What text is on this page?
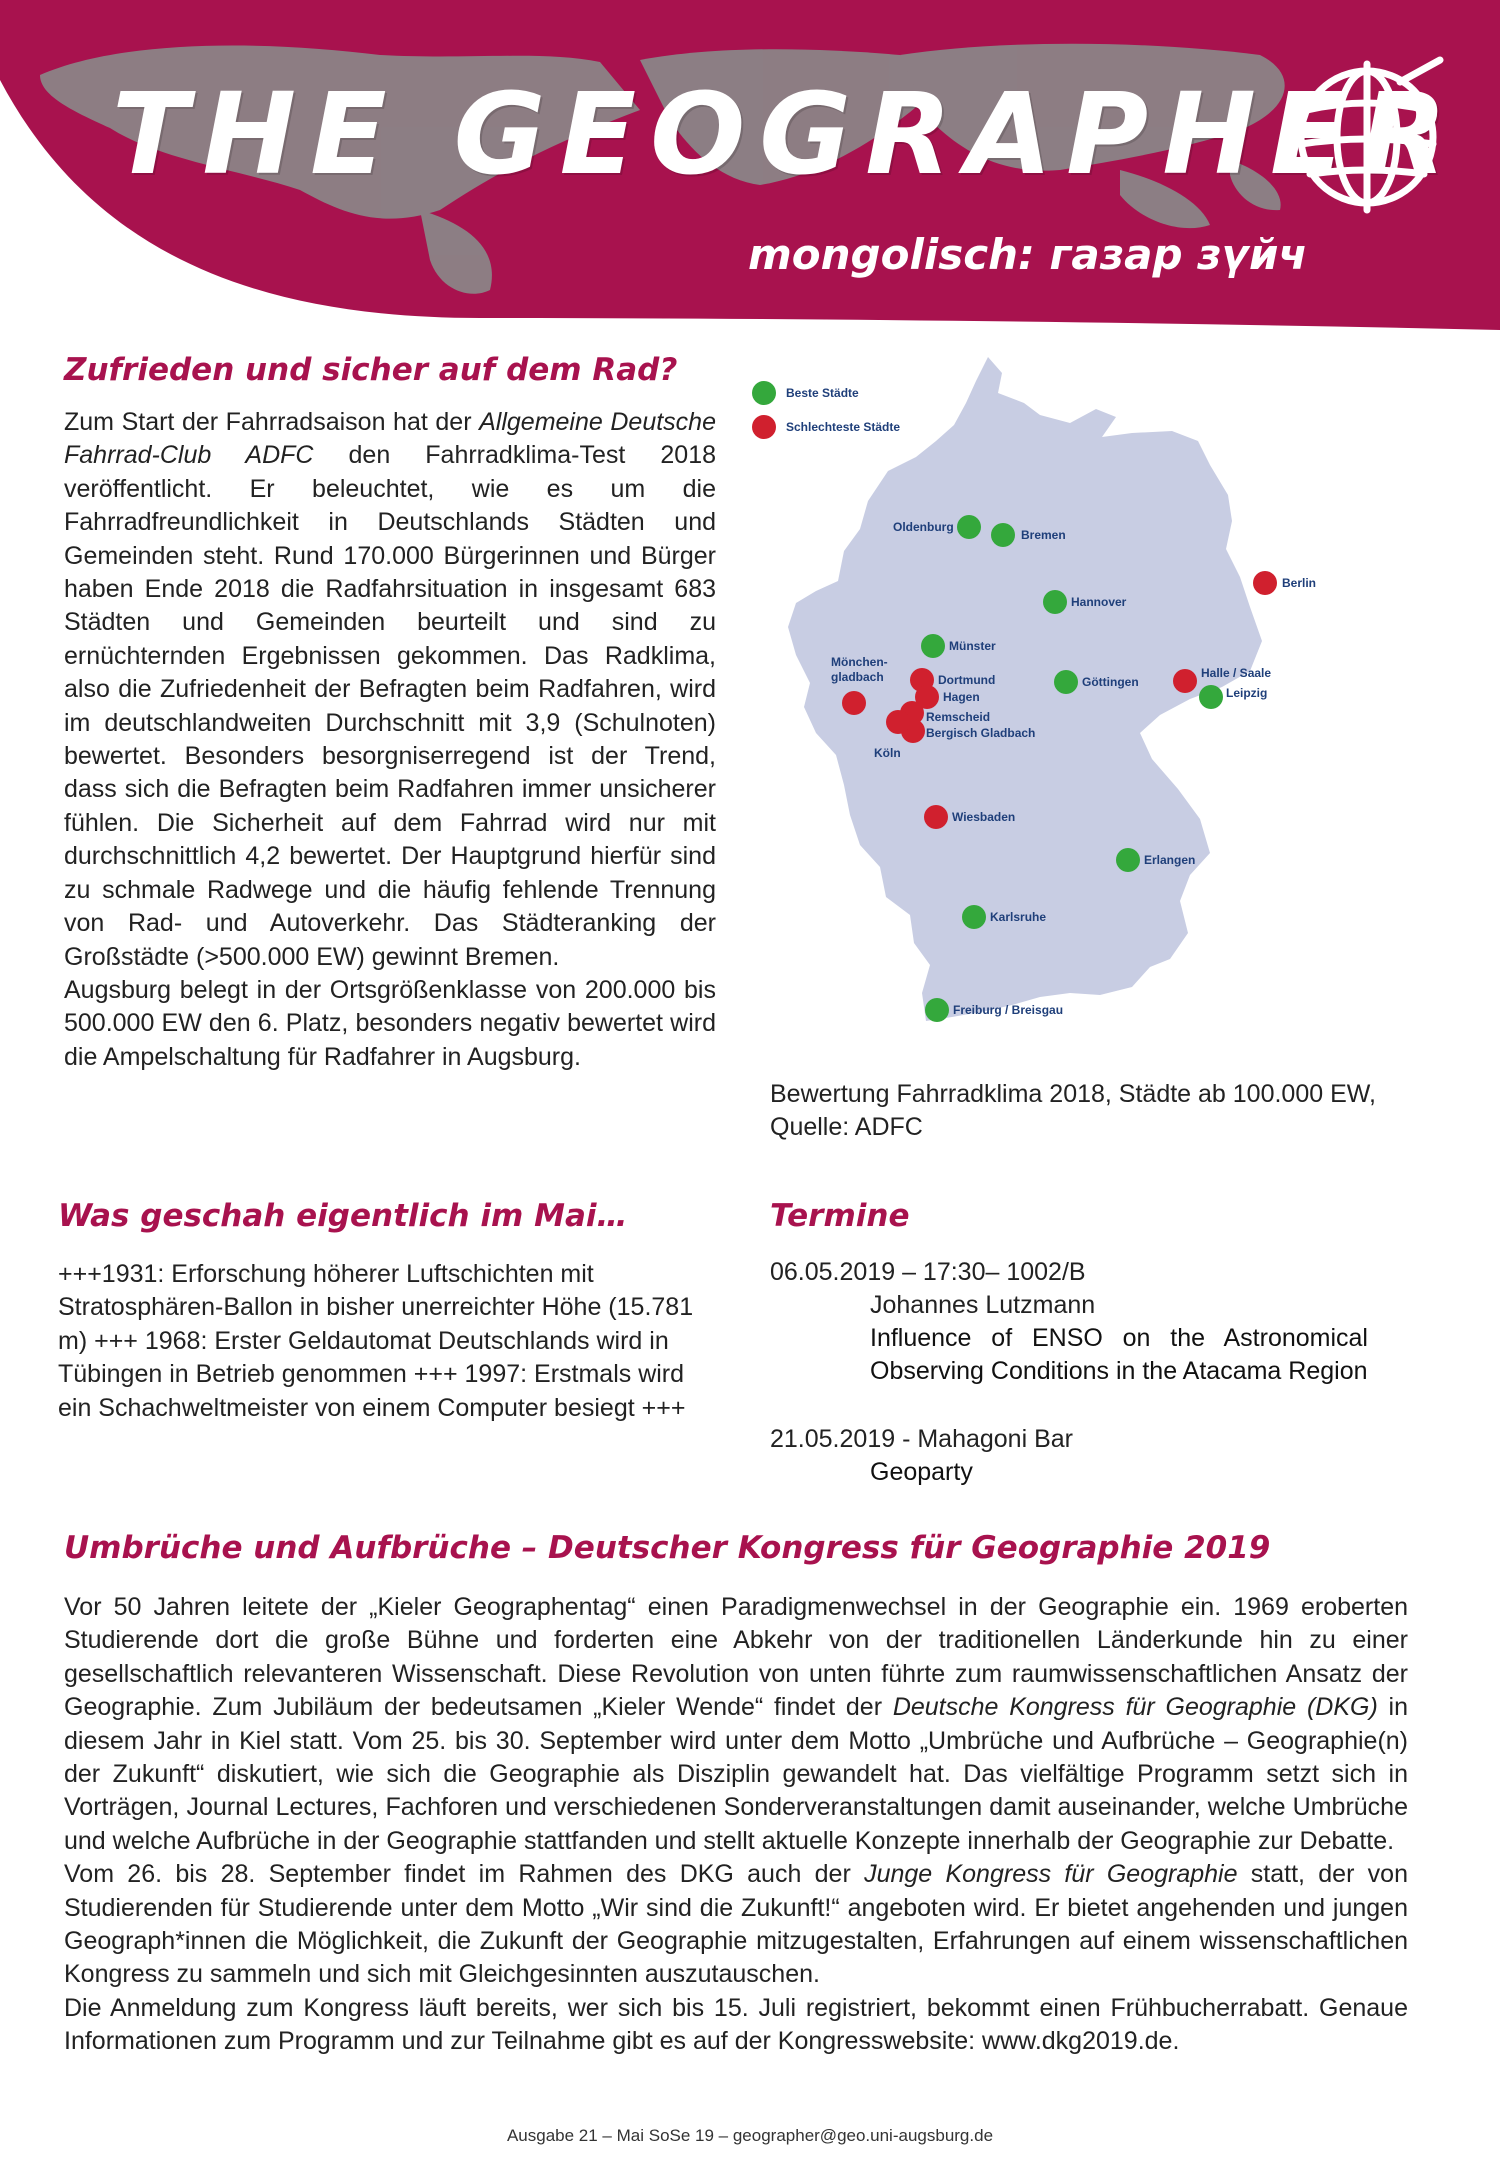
THE GEOGRAPHER
mongolisch: газар зүйч
Zufrieden und sicher auf dem Rad?

Zum Start der Fahrradsaison hat der Allgemeine Deutsche Fahrrad-Club ADFC den Fahrradklima-Test 2018 veröffentlicht. Er beleuchtet, wie es um die Fahrradfreundlichkeit in Deutschlands Städten und Gemeinden steht. Rund 170.000 Bürgerinnen und Bürger haben Ende 2018 die Radfahrsituation in insgesamt 683 Städten und Gemeinden beurteilt und sind zu ernüchternden Ergebnissen gekommen. Das Radklima, also die Zufriedenheit der Befragten beim Radfahren, wird im deutschlandweiten Durchschnitt mit 3,9 (Schulnoten) bewertet. Besonders besorgniserregend ist der Trend, dass sich die Befragten beim Radfahren immer unsicherer fühlen. Die Sicherheit auf dem Fahrrad wird nur mit durchschnittlich 4,2 bewertet. Der Hauptgrund hierfür sind zu schmale Radwege und die häufig fehlende Trennung von Rad- und Autoverkehr. Das Städteranking der Großstädte (>500.000 EW) gewinnt Bremen.

Augsburg belegt in der Ortsgrößenklasse von 200.000 bis 500.000 EW den 6. Platz, besonders negativ bewertet wird die Ampelschaltung für Radfahrer in Augsburg.

Beste Städte
Schlechteste Städte
Oldenburg
Bremen
Berlin
Hannover
Münster
Mönchen-
gladbach	Dortmund
Hagen
Remscheid
Bergisch Gladbach
Köln
Göttingen
Halle / Saale
Leipzig
Wiesbaden
Erlangen
Karlsruhe
Freiburg / Breisgau
Bewertung Fahrradklima 2018, Städte ab 100.000 EW, Quelle: ADFC
Was geschah eigentlich im Mai…
+++1931: Erforschung höherer Luftschichten mit Stratosphären-Ballon in bisher unerreichter Höhe (15.781 m) +++ 1968: Erster Geldautomat Deutschlands wird in Tübingen in Betrieb genommen +++ 1997: Erstmals wird ein Schachweltmeister von einem Computer besiegt +++
Termine
06.05.2019 – 17:30– 1002/B
Johannes Lutzmann
Influence of ENSO on the Astronomical Observing Conditions in the Atacama Region
21.05.2019 - Mahagoni Bar
Geoparty
Umbrüche und Aufbrüche – Deutscher Kongress für Geographie 2019

Vor 50 Jahren leitete der „Kieler Geographentag“ einen Paradigmenwechsel in der Geographie ein. 1969 eroberten Studierende dort die große Bühne und forderten eine Abkehr von der traditionellen Länderkunde hin zu einer gesellschaftlich relevanteren Wissenschaft. Diese Revolution von unten führte zum raumwissenschaftlichen Ansatz der Geographie. Zum Jubiläum der bedeutsamen „Kieler Wende“ findet der Deutsche Kongress für Geographie (DKG) in diesem Jahr in Kiel statt. Vom 25. bis 30. September wird unter dem Motto „Umbrüche und Aufbrüche – Geographie(n) der Zukunft“ diskutiert, wie sich die Geographie als Disziplin gewandelt hat. Das vielfältige Programm setzt sich in Vorträgen, Journal Lectures, Fachforen und verschiedenen Sonderveranstaltungen damit auseinander, welche Umbrüche und welche Aufbrüche in der Geographie stattfanden und stellt aktuelle Konzepte innerhalb der Geographie zur Debatte.

Vom 26. bis 28. September findet im Rahmen des DKG auch der Junge Kongress für Geographie statt, der von Studierenden für Studierende unter dem Motto „Wir sind die Zukunft!“ angeboten wird. Er bietet angehenden und jungen Geograph*innen die Möglichkeit, die Zukunft der Geographie mitzugestalten, Erfahrungen auf einem wissenschaftlichen Kongress zu sammeln und sich mit Gleichgesinnten auszutauschen.

Die Anmeldung zum Kongress läuft bereits, wer sich bis 15. Juli registriert, bekommt einen Frühbucherrabatt. Genaue Informationen zum Programm und zur Teilnahme gibt es auf der Kongresswebsite: www.dkg2019.de.

Ausgabe 21 – Mai SoSe 19 – geographer@geo.uni-augsburg.de
